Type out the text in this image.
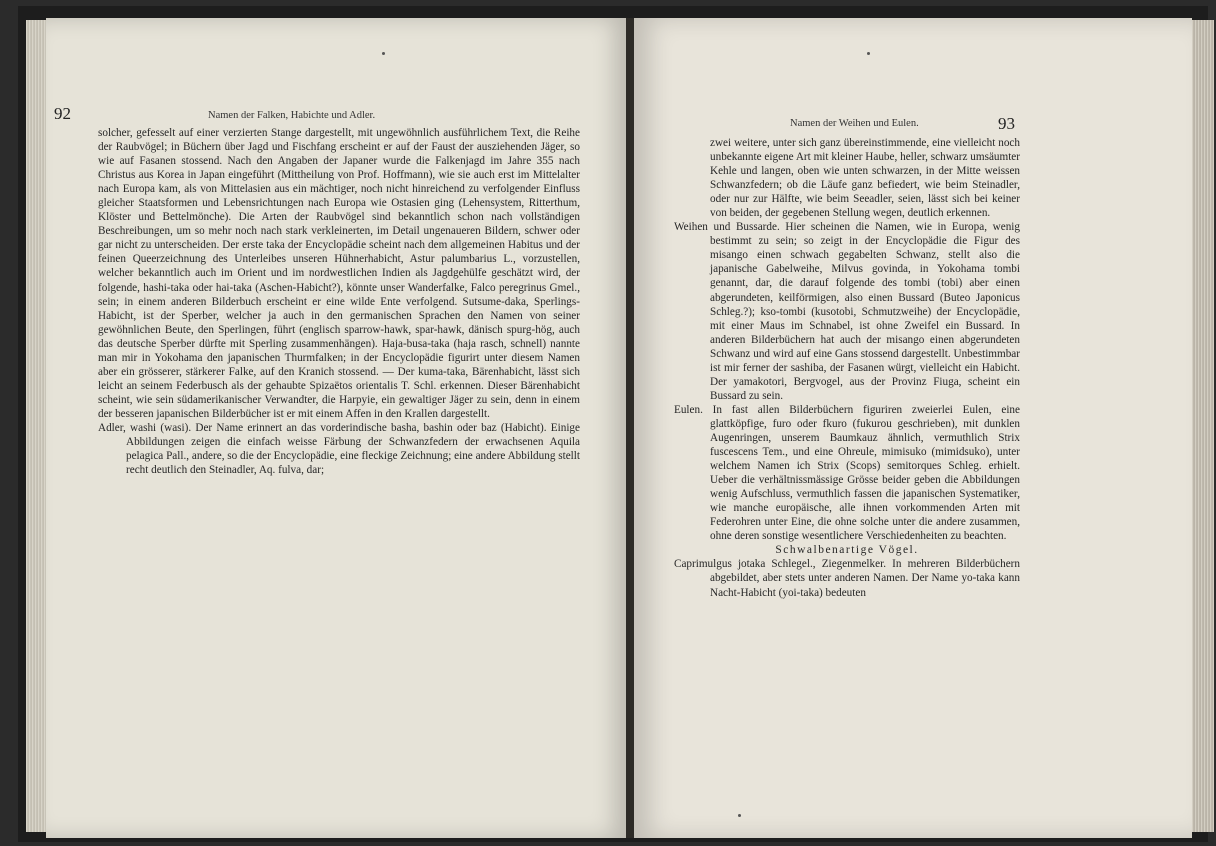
92	Namen der Falken, Habichte und Adler.

solcher, gefesselt auf einer verzierten Stange dargestellt, mit ungewöhnlich ausführlichem Text, die Reihe der Raubvögel; in Büchern über Jagd und Fischfang erscheint er auf der Faust der ausziehenden Jäger, so wie auf Fasanen stossend. Nach den Angaben der Japaner wurde die Falkenjagd im Jahre 355 nach Christus aus Korea in Japan eingeführt (Mittheilung von Prof. Hoffmann), wie sie auch erst im Mittelalter nach Europa kam, als von Mittelasien aus ein mächtiger, noch nicht hinreichend zu verfolgender Einfluss gleicher Staatsformen und Lebensrichtungen nach Europa wie Ostasien ging (Lehensystem, Ritterthum, Klöster und Bettelmönche). Die Arten der Raubvögel sind bekanntlich schon nach vollständigen Beschreibungen, um so mehr noch nach stark verkleinerten, im Detail ungenaueren Bildern, schwer oder gar nicht zu unterscheiden. Der erste taka der Encyclopädie scheint nach dem allgemeinen Habitus und der feinen Queerzeichnung des Unterleibes unseren Hühnerhabicht, Astur palumbarius L., vorzustellen, welcher bekanntlich auch im Orient und im nordwestlichen Indien als Jagdgehülfe geschätzt wird, der folgende, hashi-taka oder hai-taka (Aschen-Habicht?), könnte unser Wanderfalke, Falco peregrinus Gmel., sein; in einem anderen Bilderbuch erscheint er eine wilde Ente verfolgend. Sutsume-daka, Sperlings-Habicht, ist der Sperber, welcher ja auch in den germanischen Sprachen den Namen von seiner gewöhnlichen Beute, den Sperlingen, führt (englisch sparrow-hawk, spar-hawk, dänisch spurg-hög, auch das deutsche Sperber dürfte mit Sperling zusammenhängen). Haja-busa-taka (haja rasch, schnell) nannte man mir in Yokohama den japanischen Thurmfalken; in der Encyclopädie figurirt unter diesem Namen aber ein grösserer, stärkerer Falke, auf den Kranich stossend. — Der kuma-taka, Bärenhabicht, lässt sich leicht an seinem Federbusch als der gehaubte Spizaëtos orientalis T. Schl. erkennen. Dieser Bärenhabicht scheint, wie sein südamerikanischer Verwandter, die Harpyie, ein gewaltiger Jäger zu sein, denn in einem der besseren japanischen Bilderbücher ist er mit einem Affen in den Krallen dargestellt.

Adler, washi (wasi). Der Name erinnert an das vorderindische basha, bashin oder baz (Habicht). Einige Abbildungen zeigen die einfach weisse Färbung der Schwanzfedern der erwachsenen Aquila pelagica Pall., andere, so die der Encyclopädie, eine fleckige Zeichnung; eine andere Abbildung stellt recht deutlich den Steinadler, Aq. fulva, dar;

Namen der Weihen und Eulen.	93

zwei weitere, unter sich ganz übereinstimmende, eine vielleicht noch unbekannte eigene Art mit kleiner Haube, heller, schwarz umsäumter Kehle und langen, oben wie unten schwarzen, in der Mitte weissen Schwanzfedern; ob die Läufe ganz befiedert, wie beim Steinadler, oder nur zur Hälfte, wie beim Seeadler, seien, lässt sich bei keiner von beiden, der gegebenen Stellung wegen, deutlich erkennen.

Weihen und Bussarde. Hier scheinen die Namen, wie in Europa, wenig bestimmt zu sein; so zeigt in der Encyclopädie die Figur des misango einen schwach gegabelten Schwanz, stellt also die japanische Gabelweihe, Milvus govinda, in Yokohama tombi genannt, dar, die darauf folgende des tombi (tobi) aber einen abgerundeten, keilförmigen, also einen Bussard (Buteo Japonicus Schleg.?); kso-tombi (kusotobi, Schmutzweihe) der Encyclopädie, mit einer Maus im Schnabel, ist ohne Zweifel ein Bussard. In anderen Bilderbüchern hat auch der misango einen abgerundeten Schwanz und wird auf eine Gans stossend dargestellt. Unbestimmbar ist mir ferner der sashiba, der Fasanen würgt, vielleicht ein Habicht. Der yamakotori, Bergvogel, aus der Provinz Fiuga, scheint ein Bussard zu sein.

Eulen. In fast allen Bilderbüchern figuriren zweierlei Eulen, eine glattköpfige, furo oder fkuro (fukurou geschrieben), mit dunklen Augenringen, unserem Baumkauz ähnlich, vermuthlich Strix fuscescens Tem., und eine Ohreule, mimisuko (mimidsuko), unter welchem Namen ich Strix (Scops) semitorques Schleg. erhielt. Ueber die verhältnissmässige Grösse beider geben die Abbildungen wenig Aufschluss, vermuthlich fassen die japanischen Systematiker, wie manche europäische, alle ihnen vorkommenden Arten mit Federohren unter Eine, die ohne solche unter die andere zusammen, ohne deren sonstige wesentlichere Verschiedenheiten zu beachten.

Schwalbenartige Vögel.

Caprimulgus jotaka Schlegel., Ziegenmelker. In mehreren Bilderbüchern abgebildet, aber stets unter anderen Namen. Der Name yo-taka kann Nacht-Habicht (yoi-taka) bedeuten
